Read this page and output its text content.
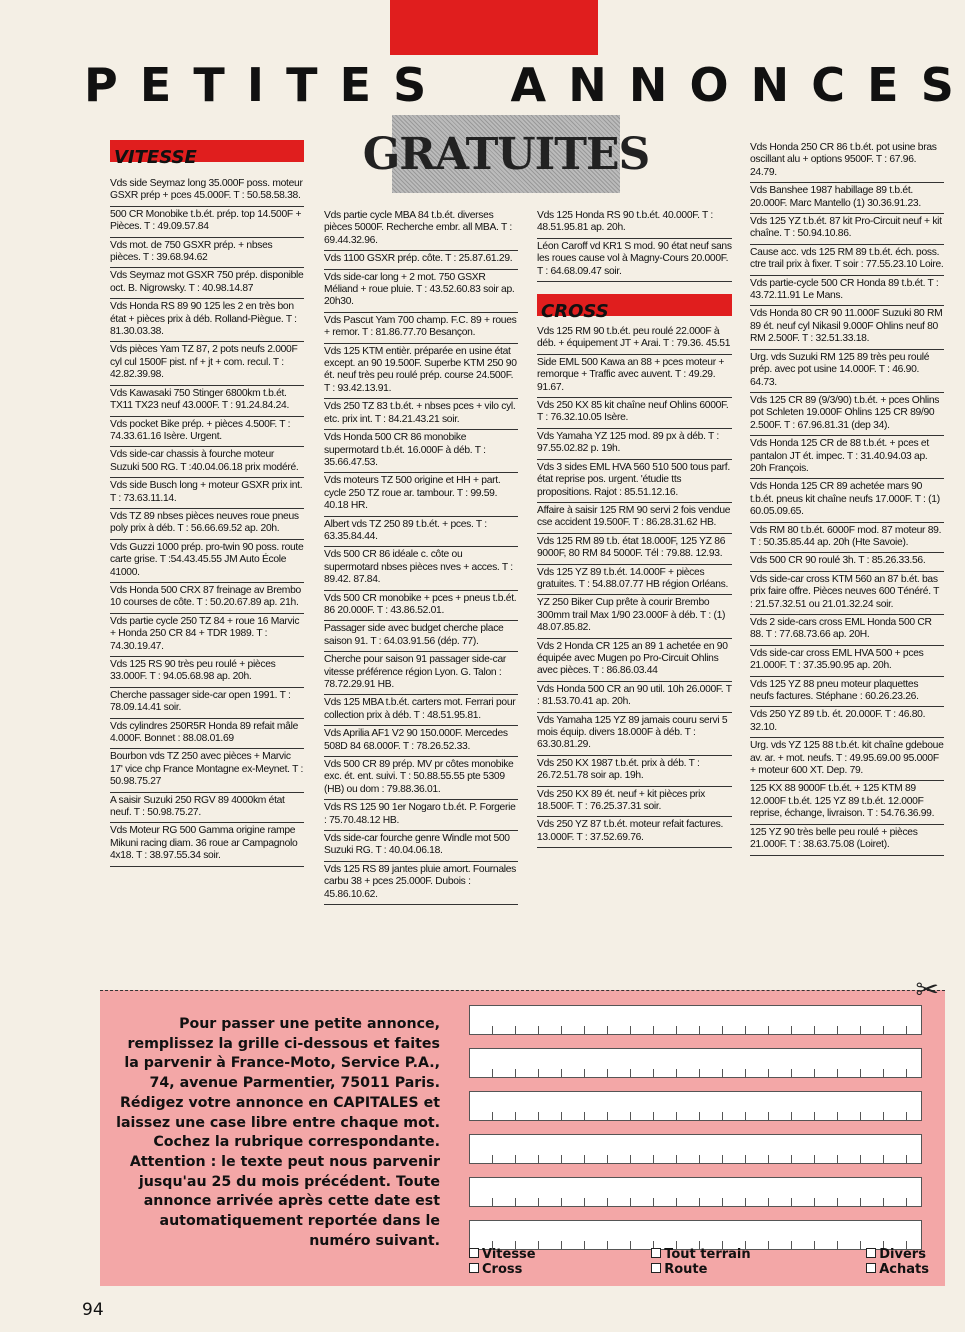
P E T I T E S A N N O N C E S
GRATUITES
VITESSE

Vds side Seymaz long 35.000F poss. moteur GSXR prép + pces 45.000F. T : 50.58.58.38.

500 CR Monobike t.b.ét. prép. top 14.500F + Pièces. T : 49.09.57.84

Vds mot. de 750 GSXR prép. + nbses pièces. T : 39.68.94.62

Vds Seymaz mot GSXR 750 prép. disponible oct. B. Nigrowsky. T : 40.98.14.87

Vds Honda RS 89 90 125 les 2 en très bon état + pièces prix à déb. Rolland-Piègue. T : 81.30.03.38.

Vds pièces Yam TZ 87, 2 pots neufs 2.000F cyl cul 1500F pist. nf + jt + com. recul. T : 42.82.39.98.

Vds Kawasaki 750 Stinger 6800km t.b.ét. TX11 TX23 neuf 43.000F. T : 91.24.84.24.

Vds pocket Bike prép. + pièces 4.500F. T : 74.33.61.16 Isère. Urgent.

Vds side-car chassis à fourche moteur Suzuki 500 RG. T :40.04.06.18 prix modéré.

Vds side Busch long + moteur GSXR prix int. T : 73.63.11.14.

Vds TZ 89 nbses pièces neuves roue pneus poly prix à déb. T : 56.66.69.52 ap. 20h.

Vds Guzzi 1000 prép. pro-twin 90 poss. route carte grise. T :54.43.45.55 JM Auto École 41000.

Vds Honda 500 CRX 87 freinage av Brembo 10 courses de côte. T : 50.20.67.89 ap. 21h.

Vds partie cycle 250 TZ 84 + roue 16 Marvic + Honda 250 CR 84 + TDR 1989. T : 74.30.19.47.

Vds 125 RS 90 très peu roulé + pièces 33.000F. T : 94.05.68.98 ap. 20h.

Cherche passager side-car open 1991. T : 78.09.14.41 soir.

Vds cylindres 250R5R Honda 89 refait mâle 4.000F. Bonnet : 88.08.01.69

Bourbon vds TZ 250 avec pièces + Marvic 17' vice chp France Montagne ex-Meynet. T : 50.98.75.27

A saisir Suzuki 250 RGV 89 4000km état neuf. T : 50.98.75.27.

Vds Moteur RG 500 Gamma origine rampe Mikuni racing diam. 36 roue ar Campagnolo 4x18. T : 38.97.55.34 soir.

Vds partie cycle MBA 84 t.b.ét. diverses pièces 5000F. Recherche embr. all MBA. T : 69.44.32.96.

Vds 1100 GSXR prép. côte. T : 25.87.61.29.

Vds side-car long + 2 mot. 750 GSXR Méliand + roue pluie. T : 43.52.60.83 soir ap. 20h30.

Vds Pascut Yam 700 champ. F.C. 89 + roues + remor. T : 81.86.77.70 Besançon.

Vds 125 KTM entièr. préparée en usine état except. an 90 19.500F. Superbe KTM 250 90 ét. neuf très peu roulé prép. course 24.500F. T : 93.42.13.91.

Vds 250 TZ 83 t.b.ét. + nbses pces + vilo cyl. etc. prix int. T : 84.21.43.21 soir.

Vds Honda 500 CR 86 monobike supermotard t.b.ét. 16.000F à déb. T : 35.66.47.53.

Vds moteurs TZ 500 origine et HH + part. cycle 250 TZ roue ar. tambour. T : 99.59. 40.18 HR.

Albert vds TZ 250 89 t.b.ét. + pces. T : 63.35.84.44.

Vds 500 CR 86 idéale c. côte ou supermotard nbses pièces nves + acces. T : 89.42. 87.84.

Vds 500 CR monobike + pces + pneus t.b.ét. 86 20.000F. T : 43.86.52.01.

Passager side avec budget cherche place saison 91. T : 64.03.91.56 (dép. 77).

Cherche pour saison 91 passager side-car vitesse préférence région Lyon. G. Talon : 78.72.29.91 HB.

Vds 125 MBA t.b.ét. carters mot. Ferrari pour collection prix à déb. T : 48.51.95.81.

Vds Aprilia AF1 V2 90 150.000F. Mercedes 508D 84 68.000F. T : 78.26.52.33.

Vds 500 CR 89 prép. MV pr côtes monobike exc. ét. ent. suivi. T : 50.88.55.55 pte 5309 (HB) ou dom : 79.88.36.01.

Vds RS 125 90 1er Nogaro t.b.ét. P. Forgerie : 75.70.48.12 HB.

Vds side-car fourche genre Windle mot 500 Suzuki RG. T : 40.04.06.18.

Vds 125 RS 89 jantes pluie amort. Fournales carbu 38 + pces 25.000F. Dubois : 45.86.10.62.

Vds 125 Honda RS 90 t.b.ét. 40.000F. T : 48.51.95.81 ap. 20h.

Léon Caroff vd KR1 S mod. 90 état neuf sans les roues cause vol à Magny-Cours 20.000F. T : 64.68.09.47 soir.

CROSS

Vds 125 RM 90 t.b.ét. peu roulé 22.000F à déb. + équipement JT + Arai. T : 79.36. 45.51

Side EML 500 Kawa an 88 + pces moteur + remorque + Traffic avec auvent. T : 49.29. 91.67.

Vds 250 KX 85 kit chaîne neuf Ohlins 6000F. T : 76.32.10.05 Isère.

Vds Yamaha YZ 125 mod. 89 px à déb. T : 97.55.02.82 p. 19h.

Vds 3 sides EML HVA 560 510 500 tous parf. état reprise pos. urgent. 'étudie tts propositions. Rajot : 85.51.12.16.

Affaire à saisir 125 RM 90 servi 2 fois vendue cse accident 19.500F. T : 86.28.31.62 HB.

Vds 125 RM 89 t.b. état 18.000F, 125 YZ 86 9000F, 80 RM 84 5000F. Tél : 79.88. 12.93.

Vds 125 YZ 89 t.b.ét. 14.000F + pièces gratuites. T : 54.88.07.77 HB région Orléans.

YZ 250 Biker Cup prête à courir Brembo 300mm trail Max 1/90 23.000F à déb. T : (1) 48.07.85.82.

Vds 2 Honda CR 125 an 89 1 achetée en 90 équipée avec Mugen po Pro-Circuit Ohlins avec pièces. T : 86.86.03.44

Vds Honda 500 CR an 90 util. 10h 26.000F. T : 81.53.70.41 ap. 20h.

Vds Yamaha 125 YZ 89 jamais couru servi 5 mois équip. divers 18.000F à déb. T : 63.30.81.29.

Vds 250 KX 1987 t.b.ét. prix à déb. T : 26.72.51.78 soir ap. 19h.

Vds 250 KX 89 ét. neuf + kit pièces prix 18.500F. T : 76.25.37.31 soir.

Vds 250 YZ 87 t.b.ét. moteur refait factures. 13.000F. T : 37.52.69.76.

Vds Honda 250 CR 86 t.b.ét. pot usine bras oscillant alu + options 9500F. T : 67.96. 24.79.

Vds Banshee 1987 habillage 89 t.b.ét. 20.000F. Marc Mantello (1) 30.36.91.23.

Vds 125 YZ t.b.ét. 87 kit Pro-Circuit neuf + kit chaîne. T : 50.94.10.86.

Cause acc. vds 125 RM 89 t.b.ét. éch. poss. ctre trail prix à fixer. T soir : 77.55.23.10 Loire.

Vds partie-cycle 500 CR Honda 89 t.b.ét. T : 43.72.11.91 Le Mans.

Vds Honda 80 CR 90 11.000F Suzuki 80 RM 89 ét. neuf cyl Nikasil 9.000F Ohlins neuf 80 RM 2.500F. T : 32.51.33.18.

Urg. vds Suzuki RM 125 89 très peu roulé prép. avec pot usine 14.000F. T : 46.90. 64.73.

Vds 125 CR 89 (9/3/90) t.b.ét. + pces Ohlins pot Schleten 19.000F Ohlins 125 CR 89/90 2.500F. T : 67.96.81.31 (dep 34).

Vds Honda 125 CR de 88 t.b.ét. + pces et pantalon JT ét. impec. T : 31.40.94.03 ap. 20h François.

Vds Honda 125 CR 89 achetée mars 90 t.b.ét. pneus kit chaîne neufs 17.000F. T : (1) 60.05.09.65.

Vds RM 80 t.b.ét. 6000F mod. 87 moteur 89. T : 50.35.85.44 ap. 20h (Hte Savoie).

Vds 500 CR 90 roulé 3h. T : 85.26.33.56.

Vds side-car cross KTM 560 an 87 b.ét. bas prix faire offre. Pièces neuves 600 Ténéré. T : 21.57.32.51 ou 21.01.32.24 soir.

Vds 2 side-cars cross EML Honda 500 CR 88. T : 77.68.73.66 ap. 20H.

Vds side-car cross EML HVA 500 + pces 21.000F. T : 37.35.90.95 ap. 20h.

Vds 125 YZ 88 pneu moteur plaquettes neufs factures. Stéphane : 60.26.23.26.

Vds 250 YZ 89 t.b. ét. 20.000F. T : 46.80. 32.10.

Urg. vds YZ 125 88 t.b.ét. kit chaîne gdeboue av. ar. + mot. neufs. T : 49.95.69.00 95.000F + moteur 600 XT. Dep. 79.

125 KX 88 9000F t.b.ét. + 125 KTM 89 12.000F t.b.ét. 125 YZ 89 t.b.ét. 12.000F reprise, échange, livraison. T : 54.76.36.99.

125 YZ 90 très belle peu roulé + pièces 21.000F. T : 38.63.75.08 (Loiret).

✂
Pour passer une petite annonce, remplissez la grille ci-dessous et faites la parvenir à France-Moto, Service P.A., 74, avenue Parmentier, 75011 Paris. Rédigez votre annonce en CAPITALES et laissez une case libre entre chaque mot. Cochez la rubrique correspondante. Attention : le texte peut nous parvenir jusqu'au 25 du mois précédent. Toute annonce arrivée après cette date est automatiquement reportée dans le numéro suivant.
Vitesse
Cross
Tout terrain
Route
Divers
Achats
94
